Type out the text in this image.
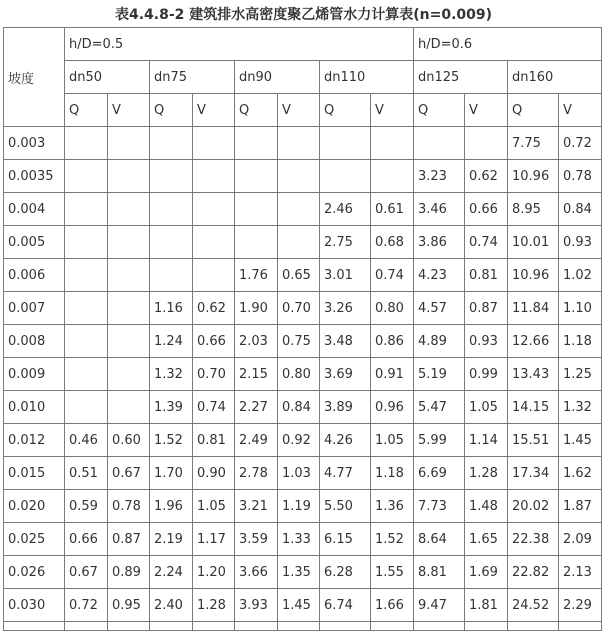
表4.4.8-2 建筑排水高密度聚乙烯管水力计算表(n=0.009)
坡度	h/D=0.5								h/D=0.6			
	dn50		dn75		dn90		dn110		dn125		dn160	
	Q	V	Q	V	Q	V	Q	V	Q	V	Q	V
0.003											7.75	0.72
0.0035									3.23	0.62	10.96	0.78
0.004							2.46	0.61	3.46	0.66	8.95	0.84
0.005							2.75	0.68	3.86	0.74	10.01	0.93
0.006					1.76	0.65	3.01	0.74	4.23	0.81	10.96	1.02
0.007			1.16	0.62	1.90	0.70	3.26	0.80	4.57	0.87	11.84	1.10
0.008			1.24	0.66	2.03	0.75	3.48	0.86	4.89	0.93	12.66	1.18
0.009			1.32	0.70	2.15	0.80	3.69	0.91	5.19	0.99	13.43	1.25
0.010			1.39	0.74	2.27	0.84	3.89	0.96	5.47	1.05	14.15	1.32
0.012	0.46	0.60	1.52	0.81	2.49	0.92	4.26	1.05	5.99	1.14	15.51	1.45
0.015	0.51	0.67	1.70	0.90	2.78	1.03	4.77	1.18	6.69	1.28	17.34	1.62
0.020	0.59	0.78	1.96	1.05	3.21	1.19	5.50	1.36	7.73	1.48	20.02	1.87
0.025	0.66	0.87	2.19	1.17	3.59	1.33	6.15	1.52	8.64	1.65	22.38	2.09
0.026	0.67	0.89	2.24	1.20	3.66	1.35	6.28	1.55	8.81	1.69	22.82	2.13
0.030	0.72	0.95	2.40	1.28	3.93	1.45	6.74	1.66	9.47	1.81	24.52	2.29
